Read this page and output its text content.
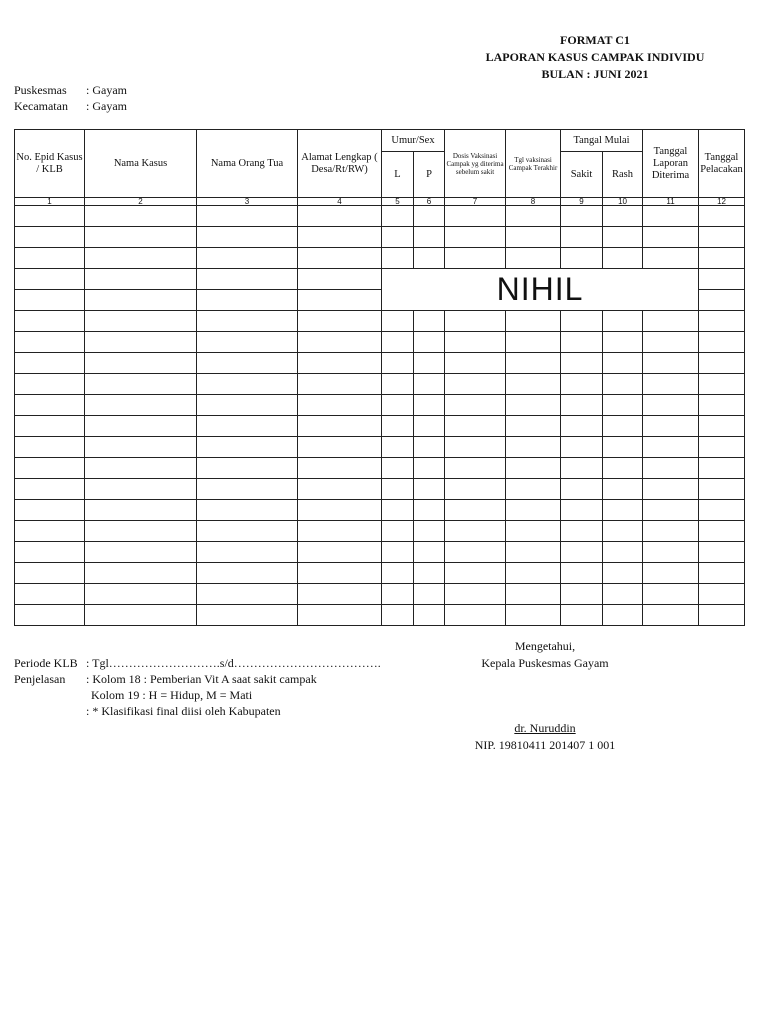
FORMAT C1
LAPORAN KASUS CAMPAK INDIVIDU
BULAN : JUNI 2021
Puskesmas : Gayam
Kecamatan : Gayam
No. Epid Kasus / KLB	Nama Kasus	Nama Orang Tua	Alamat Lengkap ( Desa/Rt/RW)	Umur/Sex		Dosis Vaksinasi Campak yg diterima sebelum sakit	Tgl vaksinasi Campak Terakhir	Tangal Mulai		Tanggal Laporan Diterima	Tanggal Pelacakan
				L	P			Sakit	Rash		
1	2	3	4	5	6	7	8	9	10	11	12

				NIHIL							

Periode KLB : Tgl……………………….s/d……………………………….
Penjelasan : Kolom 18 : Pemberian Vit A saat sakit campak
Kolom 19 : H = Hidup, M = Mati
: * Klasifikasi final diisi oleh Kabupaten
Mengetahui,
Kepala Puskesmas Gayam
dr. Nuruddin
NIP. 19810411 201407 1 001
